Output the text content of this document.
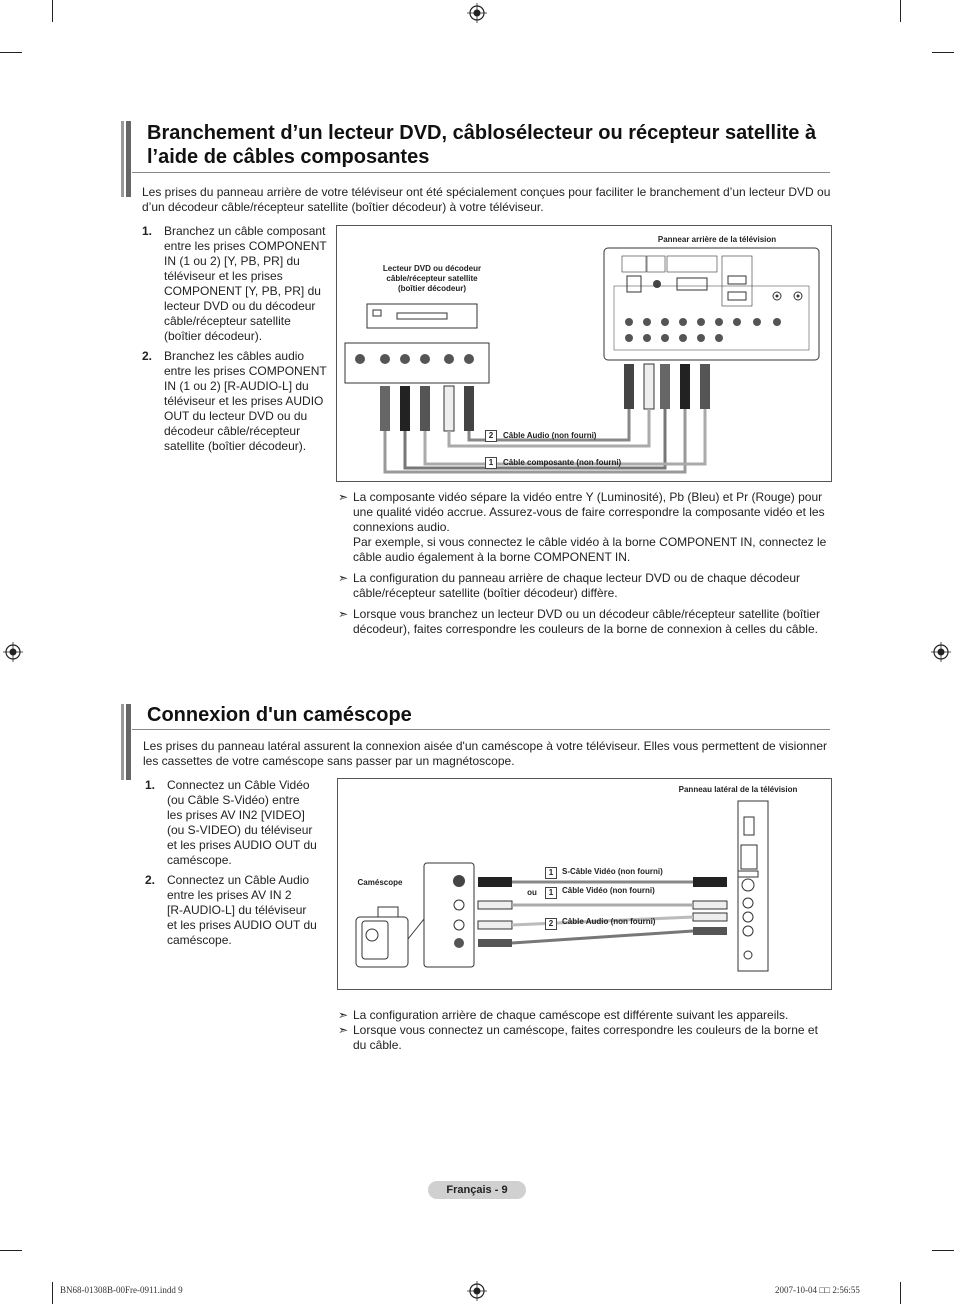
Branchement d’un lecteur DVD, câblosélecteur ou récepteur satellite à
l’aide de câbles composantes
Les prises du panneau arrière de votre téléviseur ont été spécialement conçues pour faciliter le branchement d’un lecteur DVD ou
d’un décodeur câble/récepteur satellite (boîtier décodeur) à votre téléviseur.
1. Branchez un câble composant
entre les prises COMPONENT
IN (1 ou 2) [Y, PB, PR] du
téléviseur et les prises
COMPONENT [Y, PB, PR] du
lecteur DVD ou du décodeur
câble/récepteur satellite
(boîtier décodeur).
2. Branchez les câbles audio
entre les prises COMPONENT
IN (1 ou 2) [R-AUDIO-L] du
téléviseur et les prises AUDIO
OUT du lecteur DVD ou du
décodeur câble/récepteur
satellite (boîtier décodeur).
Pannear arrière de la télévision
Lecteur DVD ou décodeur
câble/récepteur satellite
(boîtier décodeur)
2	Câble Audio (non fourni)
1	Câble composante (non fourni)
➣ La composante vidéo sépare la vidéo entre Y (Luminosité), Pb (Bleu) et Pr (Rouge) pour
une qualité vidéo accrue. Assurez-vous de faire correspondre la composante vidéo et les
connexions audio.
Par exemple, si vous connectez le câble vidéo à la borne COMPONENT IN, connectez le
câble audio également à la borne COMPONENT IN.
➣ La configuration du panneau arrière de chaque lecteur DVD ou de chaque décodeur
câble/récepteur satellite (boîtier décodeur) diffère.
➣ Lorsque vous branchez un lecteur DVD ou un décodeur câble/récepteur satellite (boîtier
décodeur), faites correspondre les couleurs de la borne de connexion à celles du câble.
Connexion d'un caméscope
Les prises du panneau latéral assurent la connexion aisée d'un caméscope à votre téléviseur. Elles vous permettent de visionner
les cassettes de votre caméscope sans passer par un magnétoscope.
1. Connectez un Câble Vidéo
(ou Câble S-Vidéo) entre
les prises AV IN2 [VIDEO]
(ou S-VIDEO) du téléviseur
et les prises AUDIO OUT du
caméscope.
2. Connectez un Câble Audio
entre les prises AV IN 2
[R-AUDIO-L] du téléviseur
et les prises AUDIO OUT du
caméscope.
Panneau latéral de la télévision
Caméscope
ou
1	S-Câble Vidéo (non fourni)
1	Câble Vidéo (non fourni)
2	Câble Audio (non fourni)
➣ La configuration arrière de chaque caméscope est différente suivant les appareils.
➣ Lorsque vous connectez un caméscope, faites correspondre les couleurs de la borne et
du câble.
Français - 9
BN68-01308B-00Fre-0911.indd 9	2007-10-04 □□ 2:56:55
